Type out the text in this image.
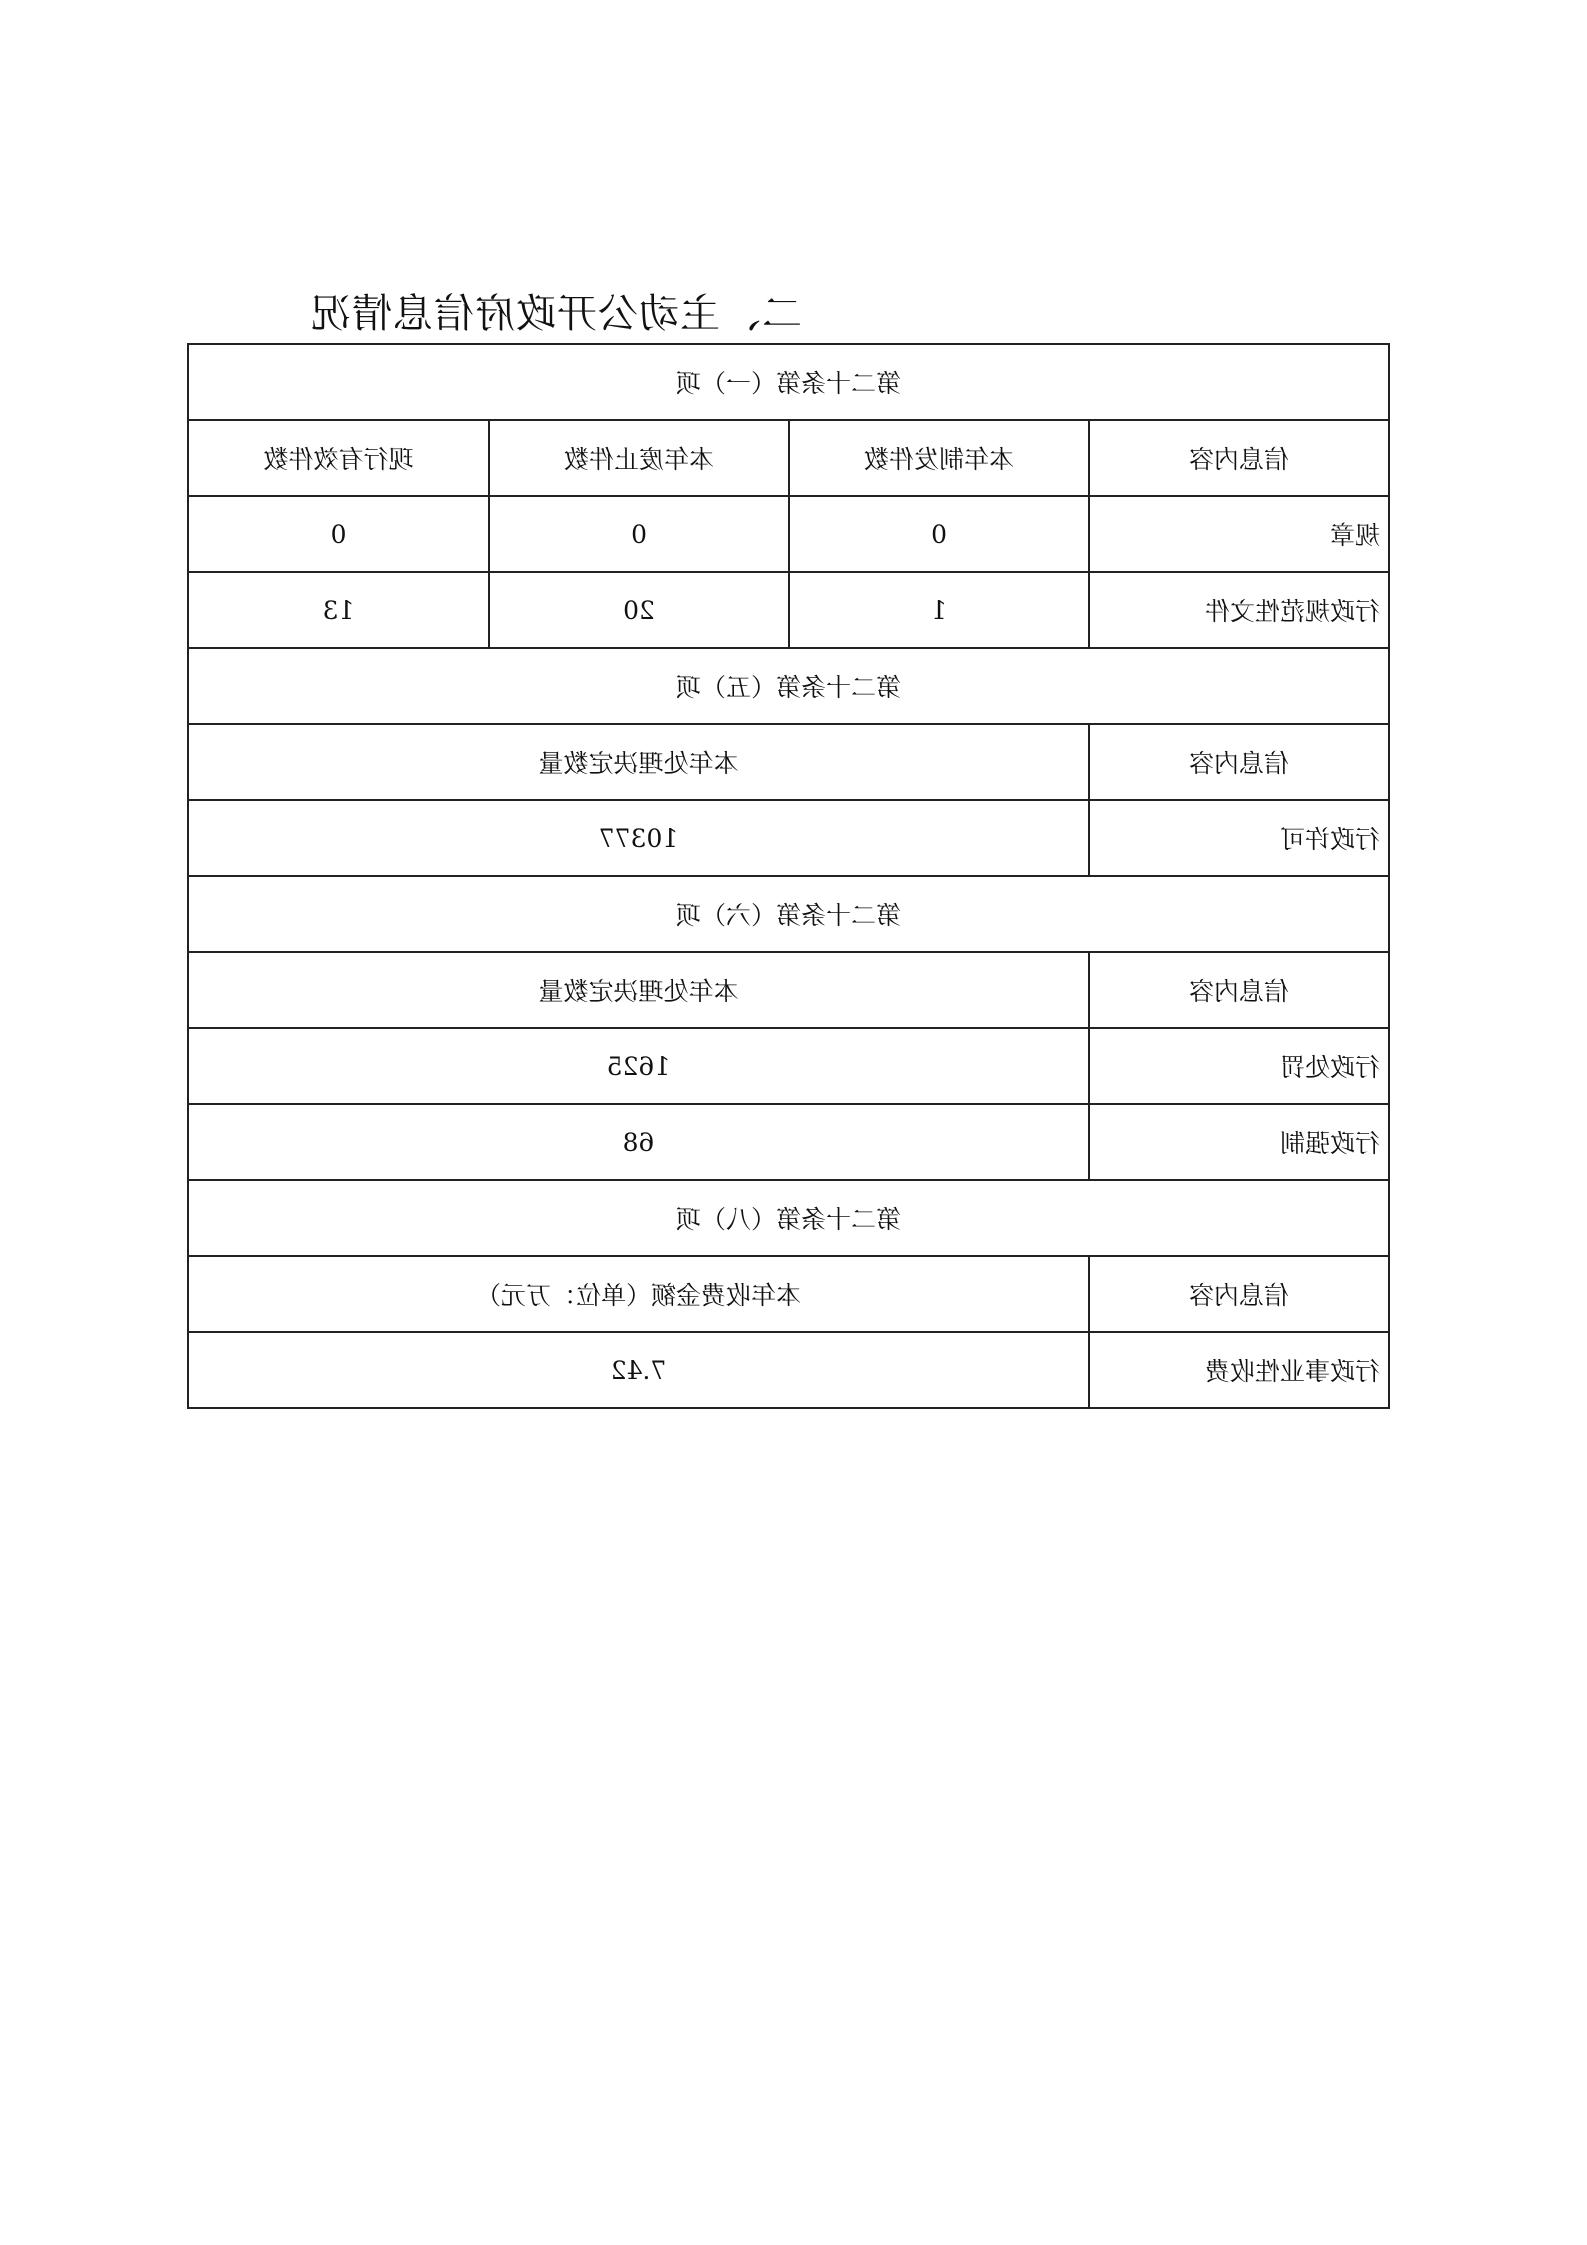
二、主动公开政府信息情况
第二十条第（一）项			
信息内容	本年制发件数	本年废止件数	现行有效件数
规章	0	0	0
行政规范性文件	1	20	13
第二十条第（五）项			
信息内容	本年处理决定数量		
行政许可	10377		
第二十条第（六）项			
信息内容	本年处理决定数量		
行政处罚	1625		
行政强制	68		
第二十条第（八）项			
信息内容	本年收费金额（单位：万元）		
行政事业性收费	7.42		
